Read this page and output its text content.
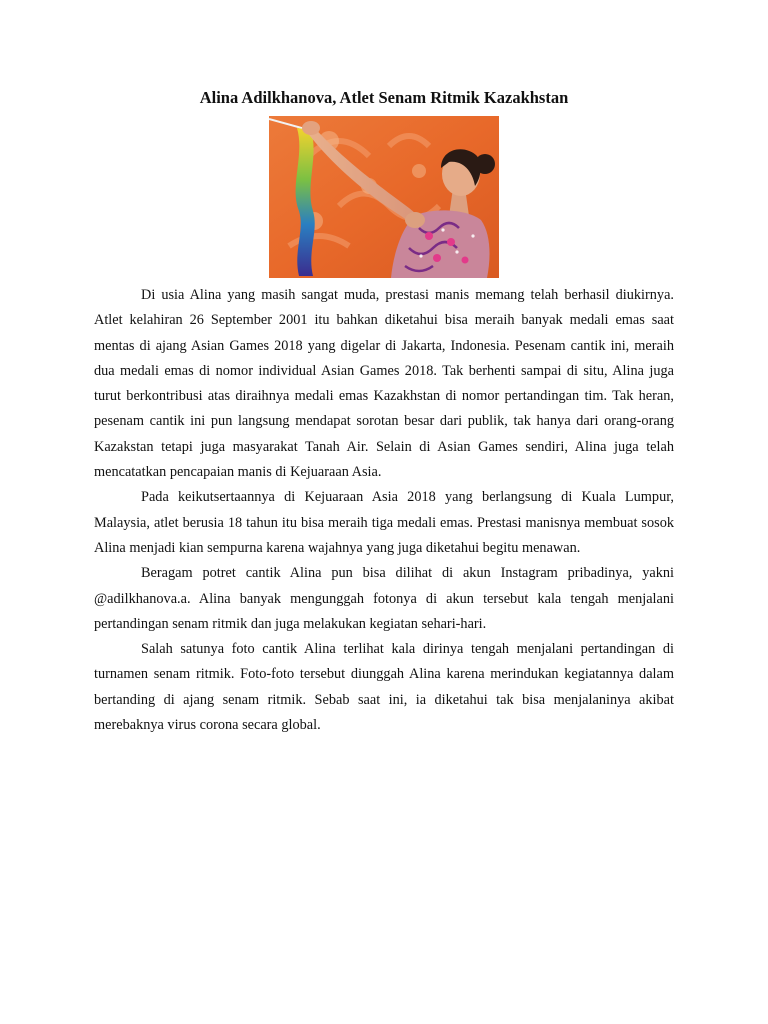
Alina Adilkhanova, Atlet Senam Ritmik Kazakhstan

Di usia Alina yang masih sangat muda, prestasi manis memang telah berhasil diukirnya. Atlet kelahiran 26 September 2001 itu bahkan diketahui bisa meraih banyak medali emas saat mentas di ajang Asian Games 2018 yang digelar di Jakarta, Indonesia. Pesenam cantik ini, meraih dua medali emas di nomor individual Asian Games 2018. Tak berhenti sampai di situ, Alina juga turut berkontribusi atas diraihnya medali emas Kazakhstan di nomor pertandingan tim. Tak heran, pesenam cantik ini pun langsung mendapat sorotan besar dari publik, tak hanya dari orang-orang Kazakstan tetapi juga masyarakat Tanah Air. Selain di Asian Games sendiri, Alina juga telah mencatatkan pencapaian manis di Kejuaraan Asia.

Pada keikutsertaannya di Kejuaraan Asia 2018 yang berlangsung di Kuala Lumpur, Malaysia, atlet berusia 18 tahun itu bisa meraih tiga medali emas. Prestasi manisnya membuat sosok Alina menjadi kian sempurna karena wajahnya yang juga diketahui begitu menawan.

Beragam potret cantik Alina pun bisa dilihat di akun Instagram pribadinya, yakni @adilkhanova.a. Alina banyak mengunggah fotonya di akun tersebut kala tengah menjalani pertandingan senam ritmik dan juga melakukan kegiatan sehari-hari.

Salah satunya foto cantik Alina terlihat kala dirinya tengah menjalani pertandingan di turnamen senam ritmik. Foto-foto tersebut diunggah Alina karena merindukan kegiatannya dalam bertanding di ajang senam ritmik. Sebab saat ini, ia diketahui tak bisa menjalaninya akibat merebaknya virus corona secara global.
